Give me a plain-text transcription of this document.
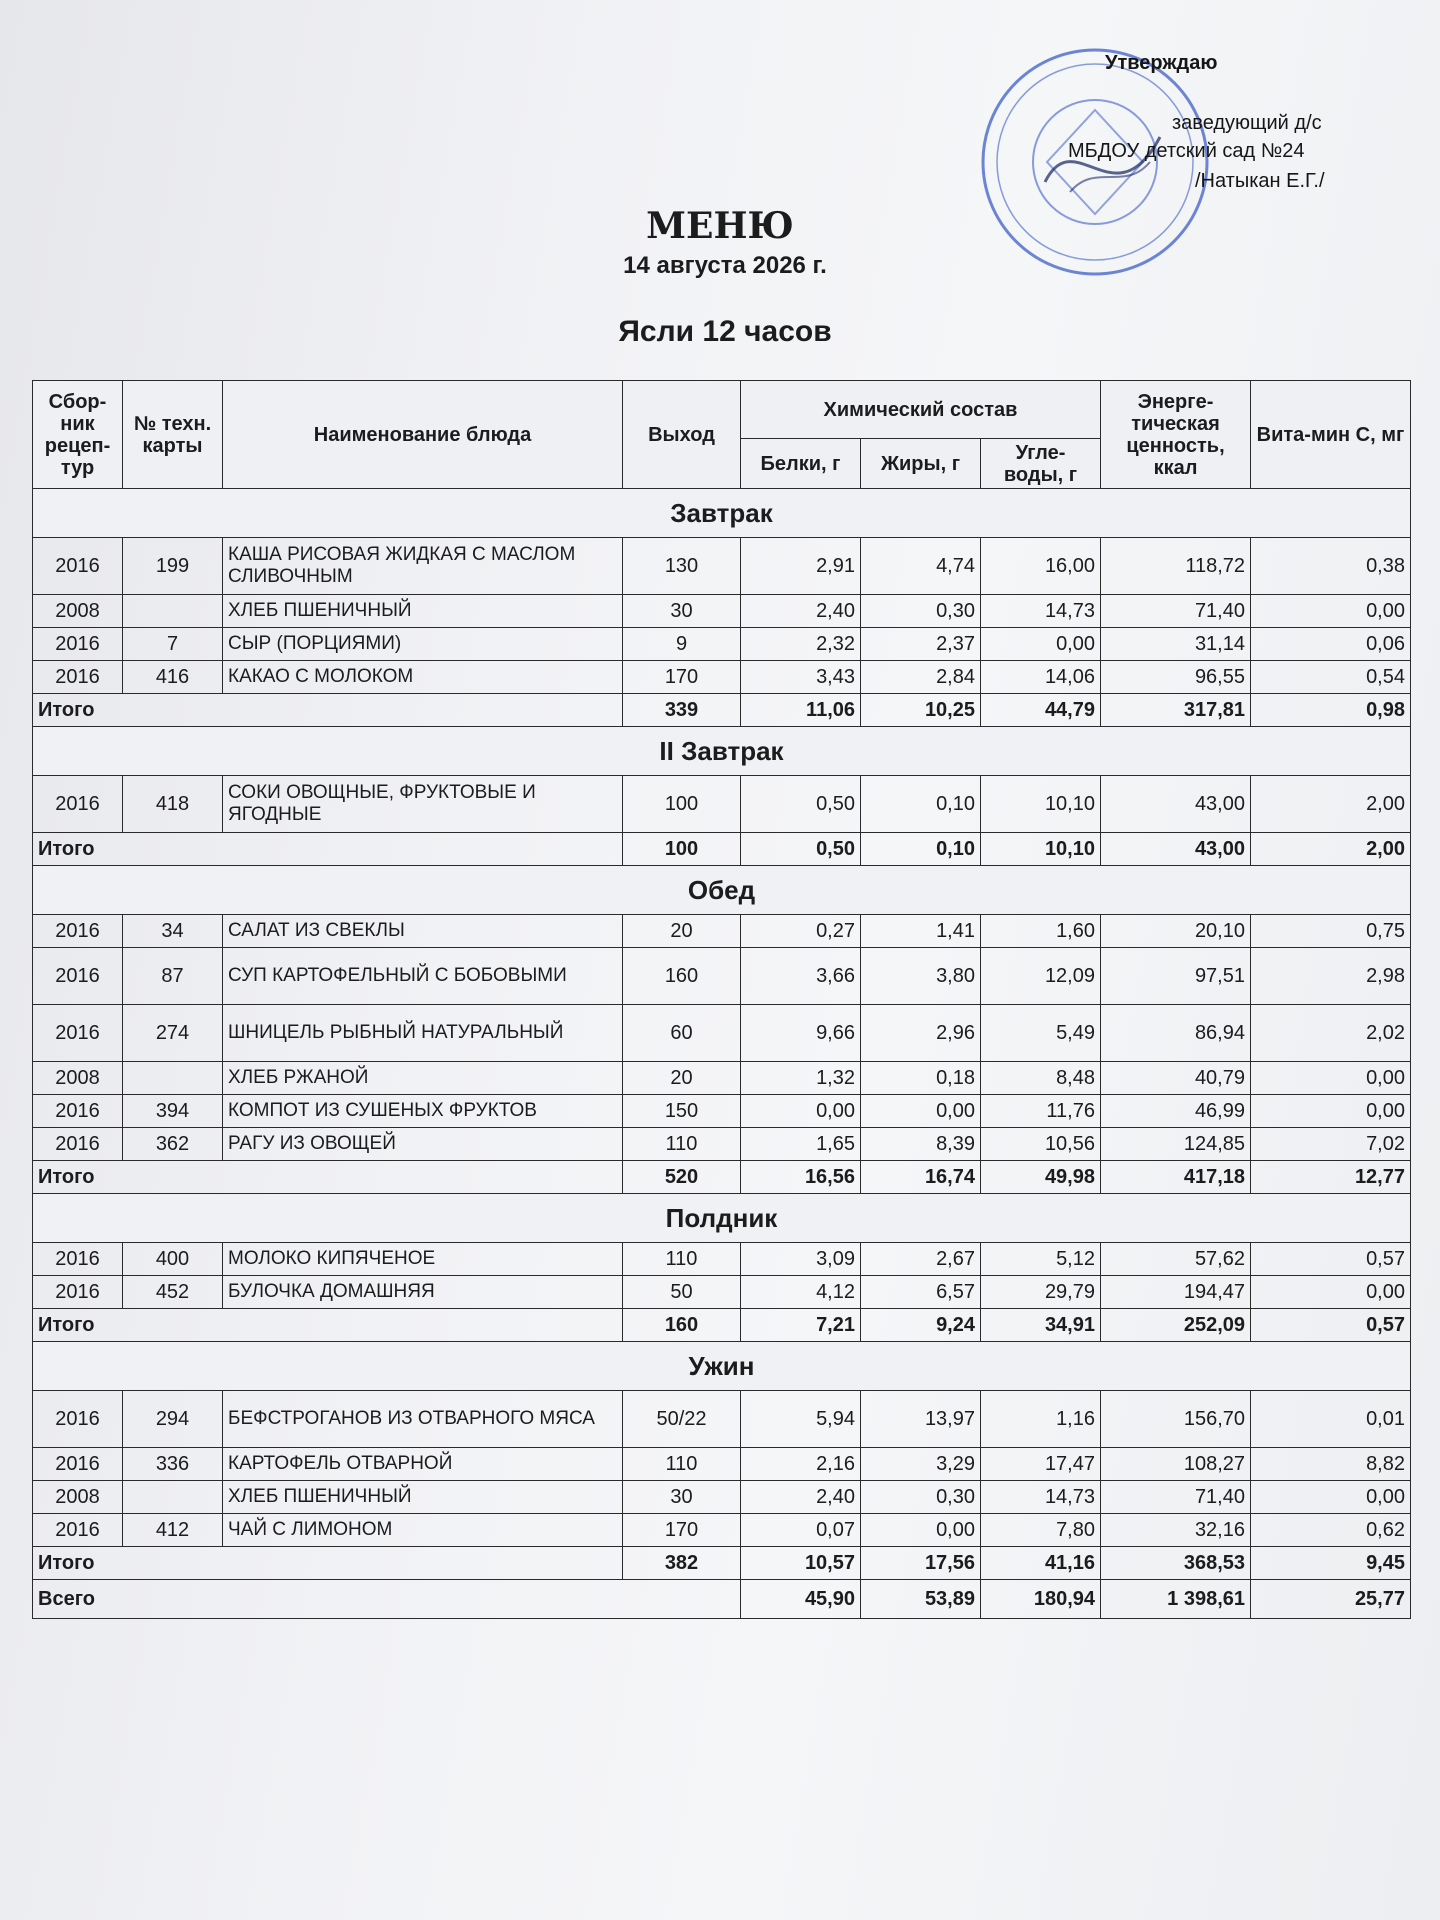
Утверждаю
заведующий д/с
МБДОУ детский сад №24
/Натыкан Е.Г./
МЕНЮ
14 августа 2026 г.
Ясли 12 часов
Сбор-ник рецеп-тур	№ техн. карты	Наименование блюда	Выход	Химический состав			Энерге-тическая ценность, ккал	Вита-мин С, мг
				Белки, г	Жиры, г	Угле-воды, г		
Завтрак								
2016	199	КАША РИСОВАЯ ЖИДКАЯ С МАСЛОМ СЛИВОЧНЫМ	130	2,91	4,74	16,00	118,72	0,38
2008		ХЛЕБ ПШЕНИЧНЫЙ	30	2,40	0,30	14,73	71,40	0,00
2016	7	СЫР (ПОРЦИЯМИ)	9	2,32	2,37	0,00	31,14	0,06
2016	416	КАКАО С МОЛОКОМ	170	3,43	2,84	14,06	96,55	0,54
Итого			339	11,06	10,25	44,79	317,81	0,98
II Завтрак								
2016	418	СОКИ ОВОЩНЫЕ, ФРУКТОВЫЕ И ЯГОДНЫЕ	100	0,50	0,10	10,10	43,00	2,00
Итого			100	0,50	0,10	10,10	43,00	2,00
Обед								
2016	34	САЛАТ ИЗ СВЕКЛЫ	20	0,27	1,41	1,60	20,10	0,75
2016	87	СУП КАРТОФЕЛЬНЫЙ С БОБОВЫМИ	160	3,66	3,80	12,09	97,51	2,98
2016	274	ШНИЦЕЛЬ РЫБНЫЙ НАТУРАЛЬНЫЙ	60	9,66	2,96	5,49	86,94	2,02
2008		ХЛЕБ РЖАНОЙ	20	1,32	0,18	8,48	40,79	0,00
2016	394	КОМПОТ ИЗ СУШЕНЫХ ФРУКТОВ	150	0,00	0,00	11,76	46,99	0,00
2016	362	РАГУ ИЗ ОВОЩЕЙ	110	1,65	8,39	10,56	124,85	7,02
Итого			520	16,56	16,74	49,98	417,18	12,77
Полдник								
2016	400	МОЛОКО КИПЯЧЕНОЕ	110	3,09	2,67	5,12	57,62	0,57
2016	452	БУЛОЧКА ДОМАШНЯЯ	50	4,12	6,57	29,79	194,47	0,00
Итого			160	7,21	9,24	34,91	252,09	0,57
Ужин								
2016	294	БЕФСТРОГАНОВ ИЗ ОТВАРНОГО МЯСА	50/22	5,94	13,97	1,16	156,70	0,01
2016	336	КАРТОФЕЛЬ ОТВАРНОЙ	110	2,16	3,29	17,47	108,27	8,82
2008		ХЛЕБ ПШЕНИЧНЫЙ	30	2,40	0,30	14,73	71,40	0,00
2016	412	ЧАЙ С ЛИМОНОМ	170	0,07	0,00	7,80	32,16	0,62
Итого			382	10,57	17,56	41,16	368,53	9,45
Всего				45,90	53,89	180,94	1 398,61	25,77
